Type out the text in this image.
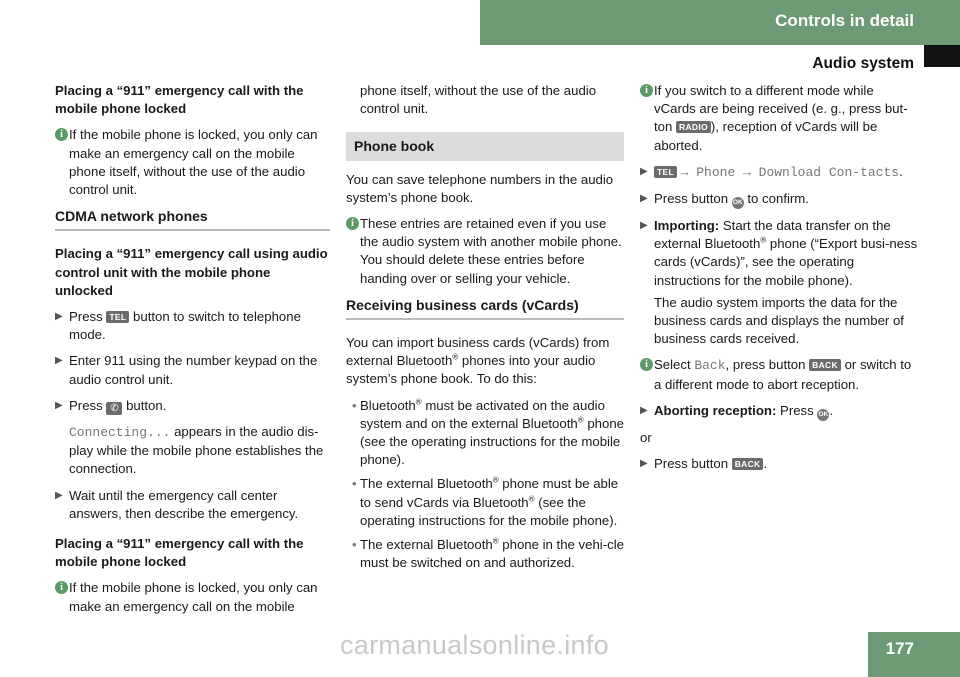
Controls in detail
Audio system

Placing a “911” emergency call with the mobile phone locked

i If the mobile phone is locked, you only can make an emergency call on the mobile phone itself, without the use of the audio control unit.
CDMA network phones

Placing a “911” emergency call using audio control unit with the mobile phone unlocked

▶ Press TEL button to switch to telephone mode.
▶ Enter 911 using the number keypad on the audio control unit.
▶ Press ✆ button.
Connecting... appears in the audio dis-play while the mobile phone establishes the connection.
▶ Wait until the emergency call center answers, then describe the emergency.

Placing a “911” emergency call with the mobile phone locked

i If the mobile phone is locked, you only can make an emergency call on the mobile
phone itself, without the use of the audio control unit.
Phone book

You can save telephone numbers in the audio system’s phone book.

i These entries are retained even if you use the audio system with another mobile phone. You should delete these entries before handing over or selling your vehicle.
Receiving business cards (vCards)

You can import business cards (vCards) from external Bluetooth® phones into your audio system’s phone book. To do this:

• Bluetooth® must be activated on the audio system and on the external Bluetooth® phone (see the operating instructions for the mobile phone).
• The external Bluetooth® phone must be able to send vCards via Bluetooth® (see the operating instructions for the mobile phone).
• The external Bluetooth® phone in the vehi-cle must be switched on and authorized.
i If you switch to a different mode while vCards are being received (e. g., press but-ton RADIO ), reception of vCards will be aborted.
▶ TEL → Phone → Download Con-tacts.
▶ Press button OK to confirm.
▶ Importing: Start the data transfer on the external Bluetooth® phone (“Export busi-ness cards (vCards)”, see the operating instructions for the mobile phone).
The audio system imports the data for the business cards and displays the number of business cards received.
i Select Back, press button BACK or switch to a different mode to abort reception.
▶ Aborting reception: Press OK.

or

▶ Press button BACK .
177
carmanualsonline.info
